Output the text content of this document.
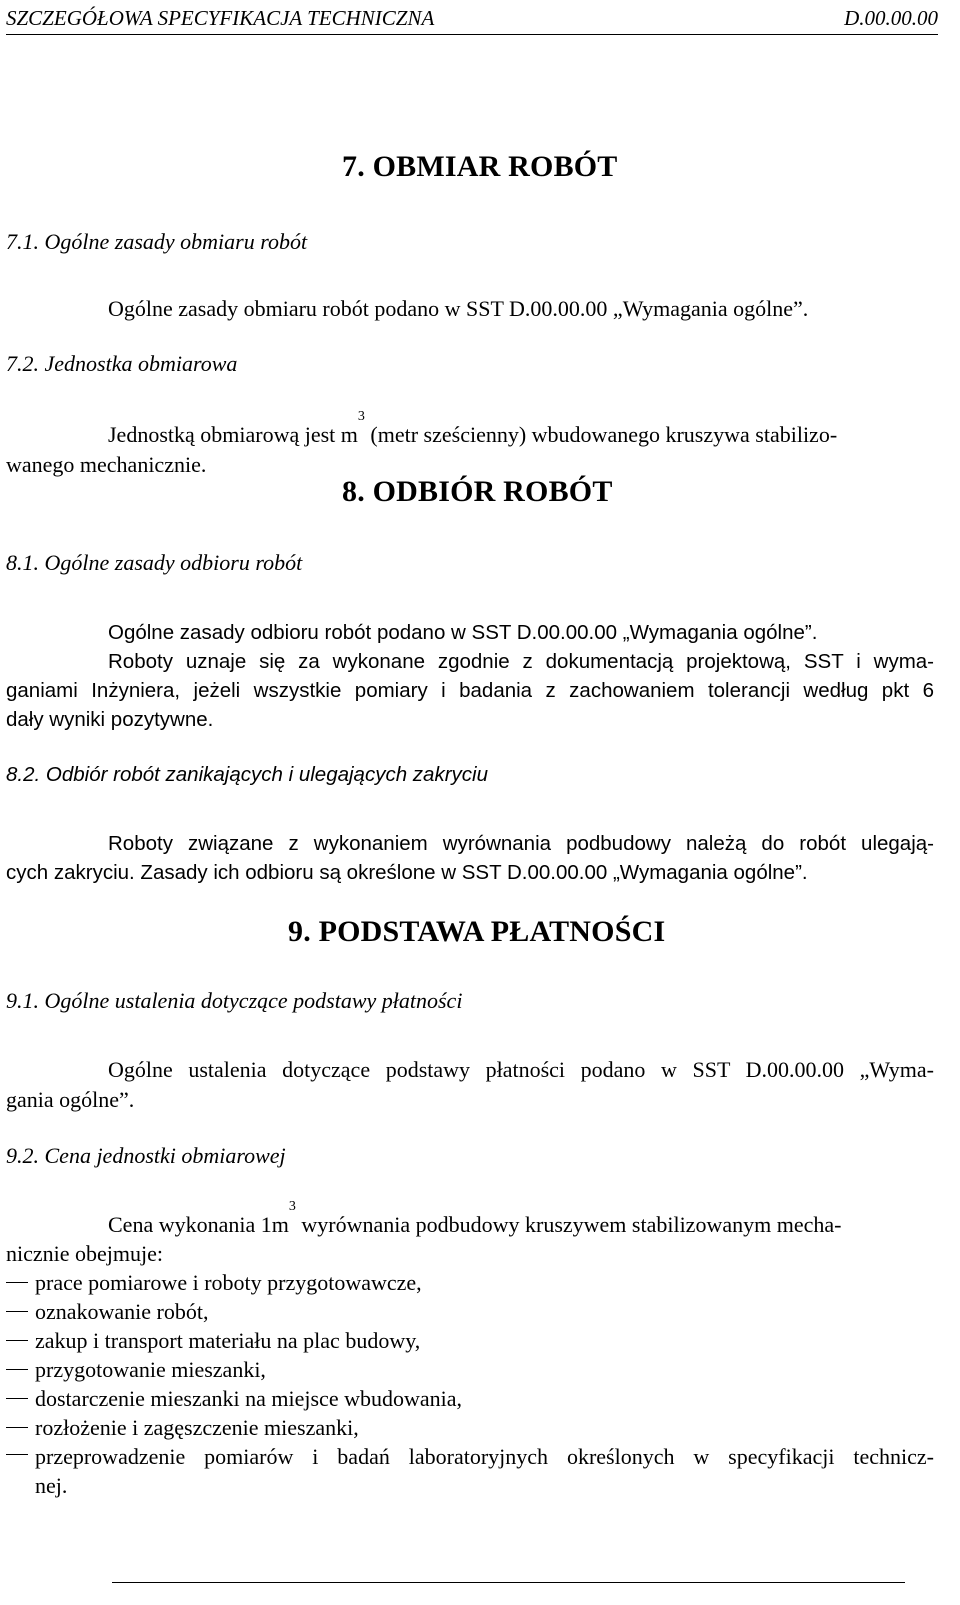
SZCZEGÓŁOWA SPECYFIKACJA TECHNICZNA	D.00.00.00
7. OBMIAR ROBÓT
7.1. Ogólne zasady obmiaru robót
Ogólne zasady obmiaru robót podano w SST D.00.00.00 „Wymagania ogólne”.
7.2. Jednostka obmiarowa
Jednostką obmiarową jest $m^3$ (metr sześcienny) wbudowanego kruszywa stabilizo-
wanego mechanicznie.
8. ODBIÓR ROBÓT
8.1. Ogólne zasady odbioru robót
Ogólne zasady odbioru robót podano w SST D.00.00.00 „Wymagania ogólne”.
Roboty uznaje się za wykonane zgodnie z dokumentacją projektową, SST i wyma-
ganiami Inżyniera, jeżeli wszystkie pomiary i badania z zachowaniem tolerancji według pkt 6
dały wyniki pozytywne.
8.2. Odbiór robót zanikających i ulegających zakryciu
Roboty związane z wykonaniem wyrównania podbudowy należą do robót ulegają-
cych zakryciu. Zasady ich odbioru są określone w SST D.00.00.00 „Wymagania ogólne”.
9. PODSTAWA PŁATNOŚCI
9.1. Ogólne ustalenia dotyczące podstawy płatności
Ogólne ustalenia dotyczące podstawy płatności podano w SST D.00.00.00 „Wyma-
gania ogólne”.
9.2. Cena jednostki obmiarowej
Cena wykonania $1m^3$ wyrównania podbudowy kruszywem stabilizowanym mecha-
nicznie obejmuje:
prace pomiarowe i roboty przygotowawcze,
oznakowanie robót,
zakup i transport materiału na plac budowy,
przygotowanie mieszanki,
dostarczenie mieszanki na miejsce wbudowania,
rozłożenie i zagęszczenie mieszanki,
przeprowadzenie pomiarów i badań laboratoryjnych określonych w specyfikacji technicz-
nej.
